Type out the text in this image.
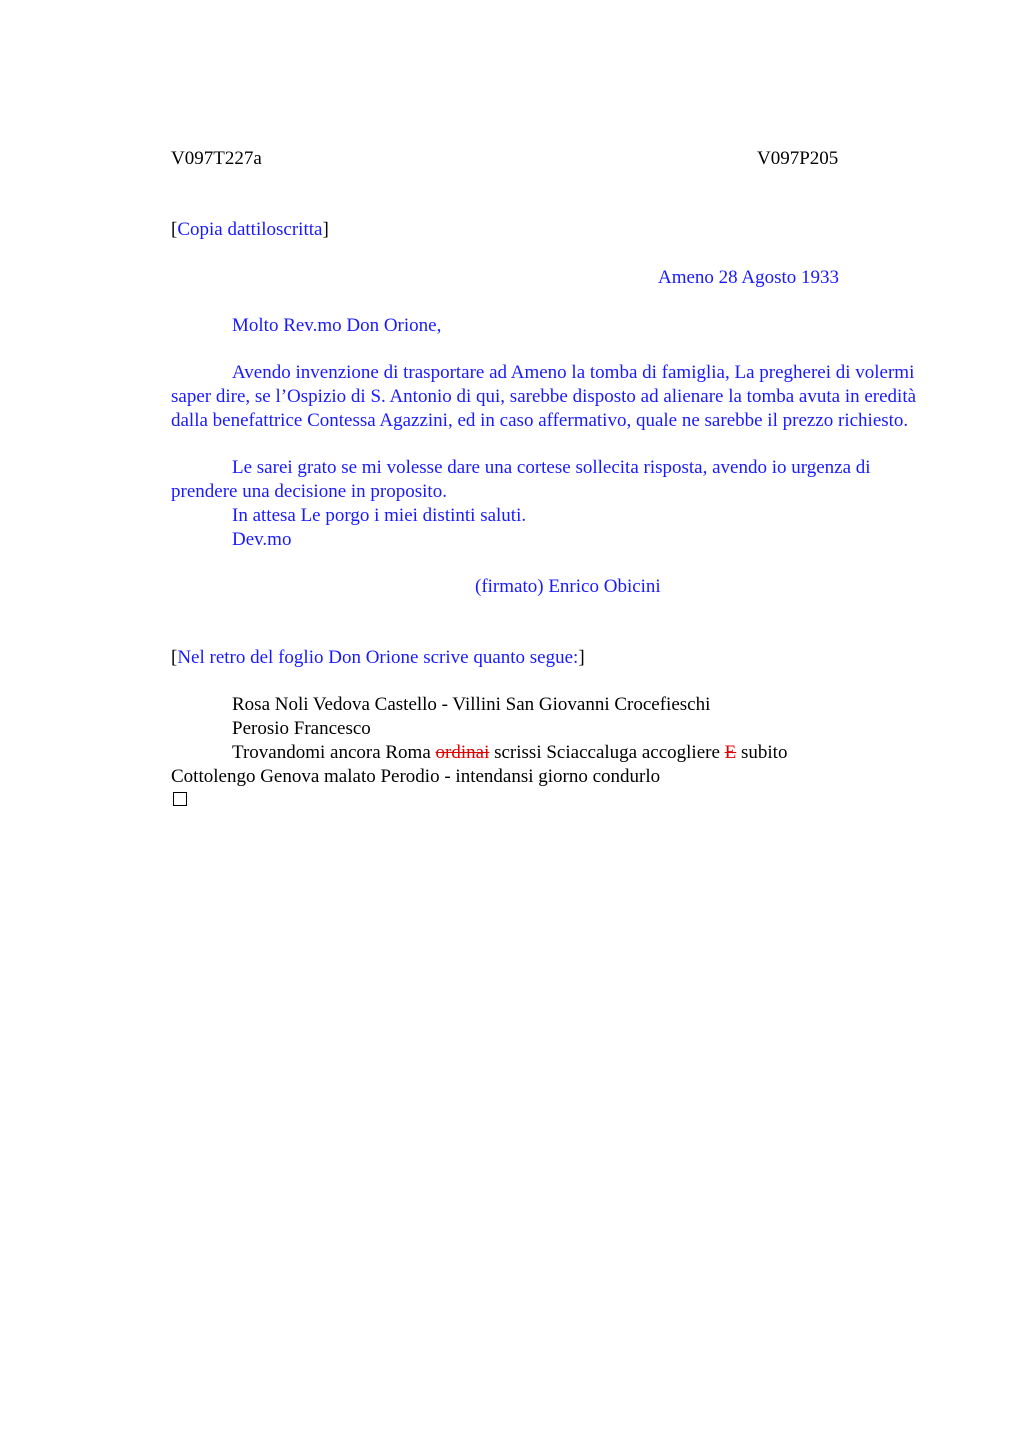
V097T227a	V097P205
[Copia dattiloscritta]
Ameno 28 Agosto 1933
Molto Rev.mo Don Orione,
Avendo invenzione di trasportare ad Ameno la tomba di famiglia, La pregherei di volermi saper dire, se l’Ospizio di S. Antonio di qui, sarebbe disposto ad alienare la tomba avuta in eredità dalla benefattrice Contessa Agazzini, ed in caso affermativo, quale ne sarebbe il prezzo richiesto.
Le sarei grato se mi volesse dare una cortese sollecita risposta, avendo io urgenza di prendere una decisione in proposito.
In attesa Le porgo i miei distinti saluti.
Dev.mo
(firmato) Enrico Obicini
[Nel retro del foglio Don Orione scrive quanto segue:]
Rosa Noli Vedova Castello - Villini San Giovanni Crocefieschi
Perosio Francesco
Trovandomi ancora Roma ordinai scrissi Sciaccaluga accogliere E subito
Cottolengo Genova malato Perodio - intendansi giorno condurlo
